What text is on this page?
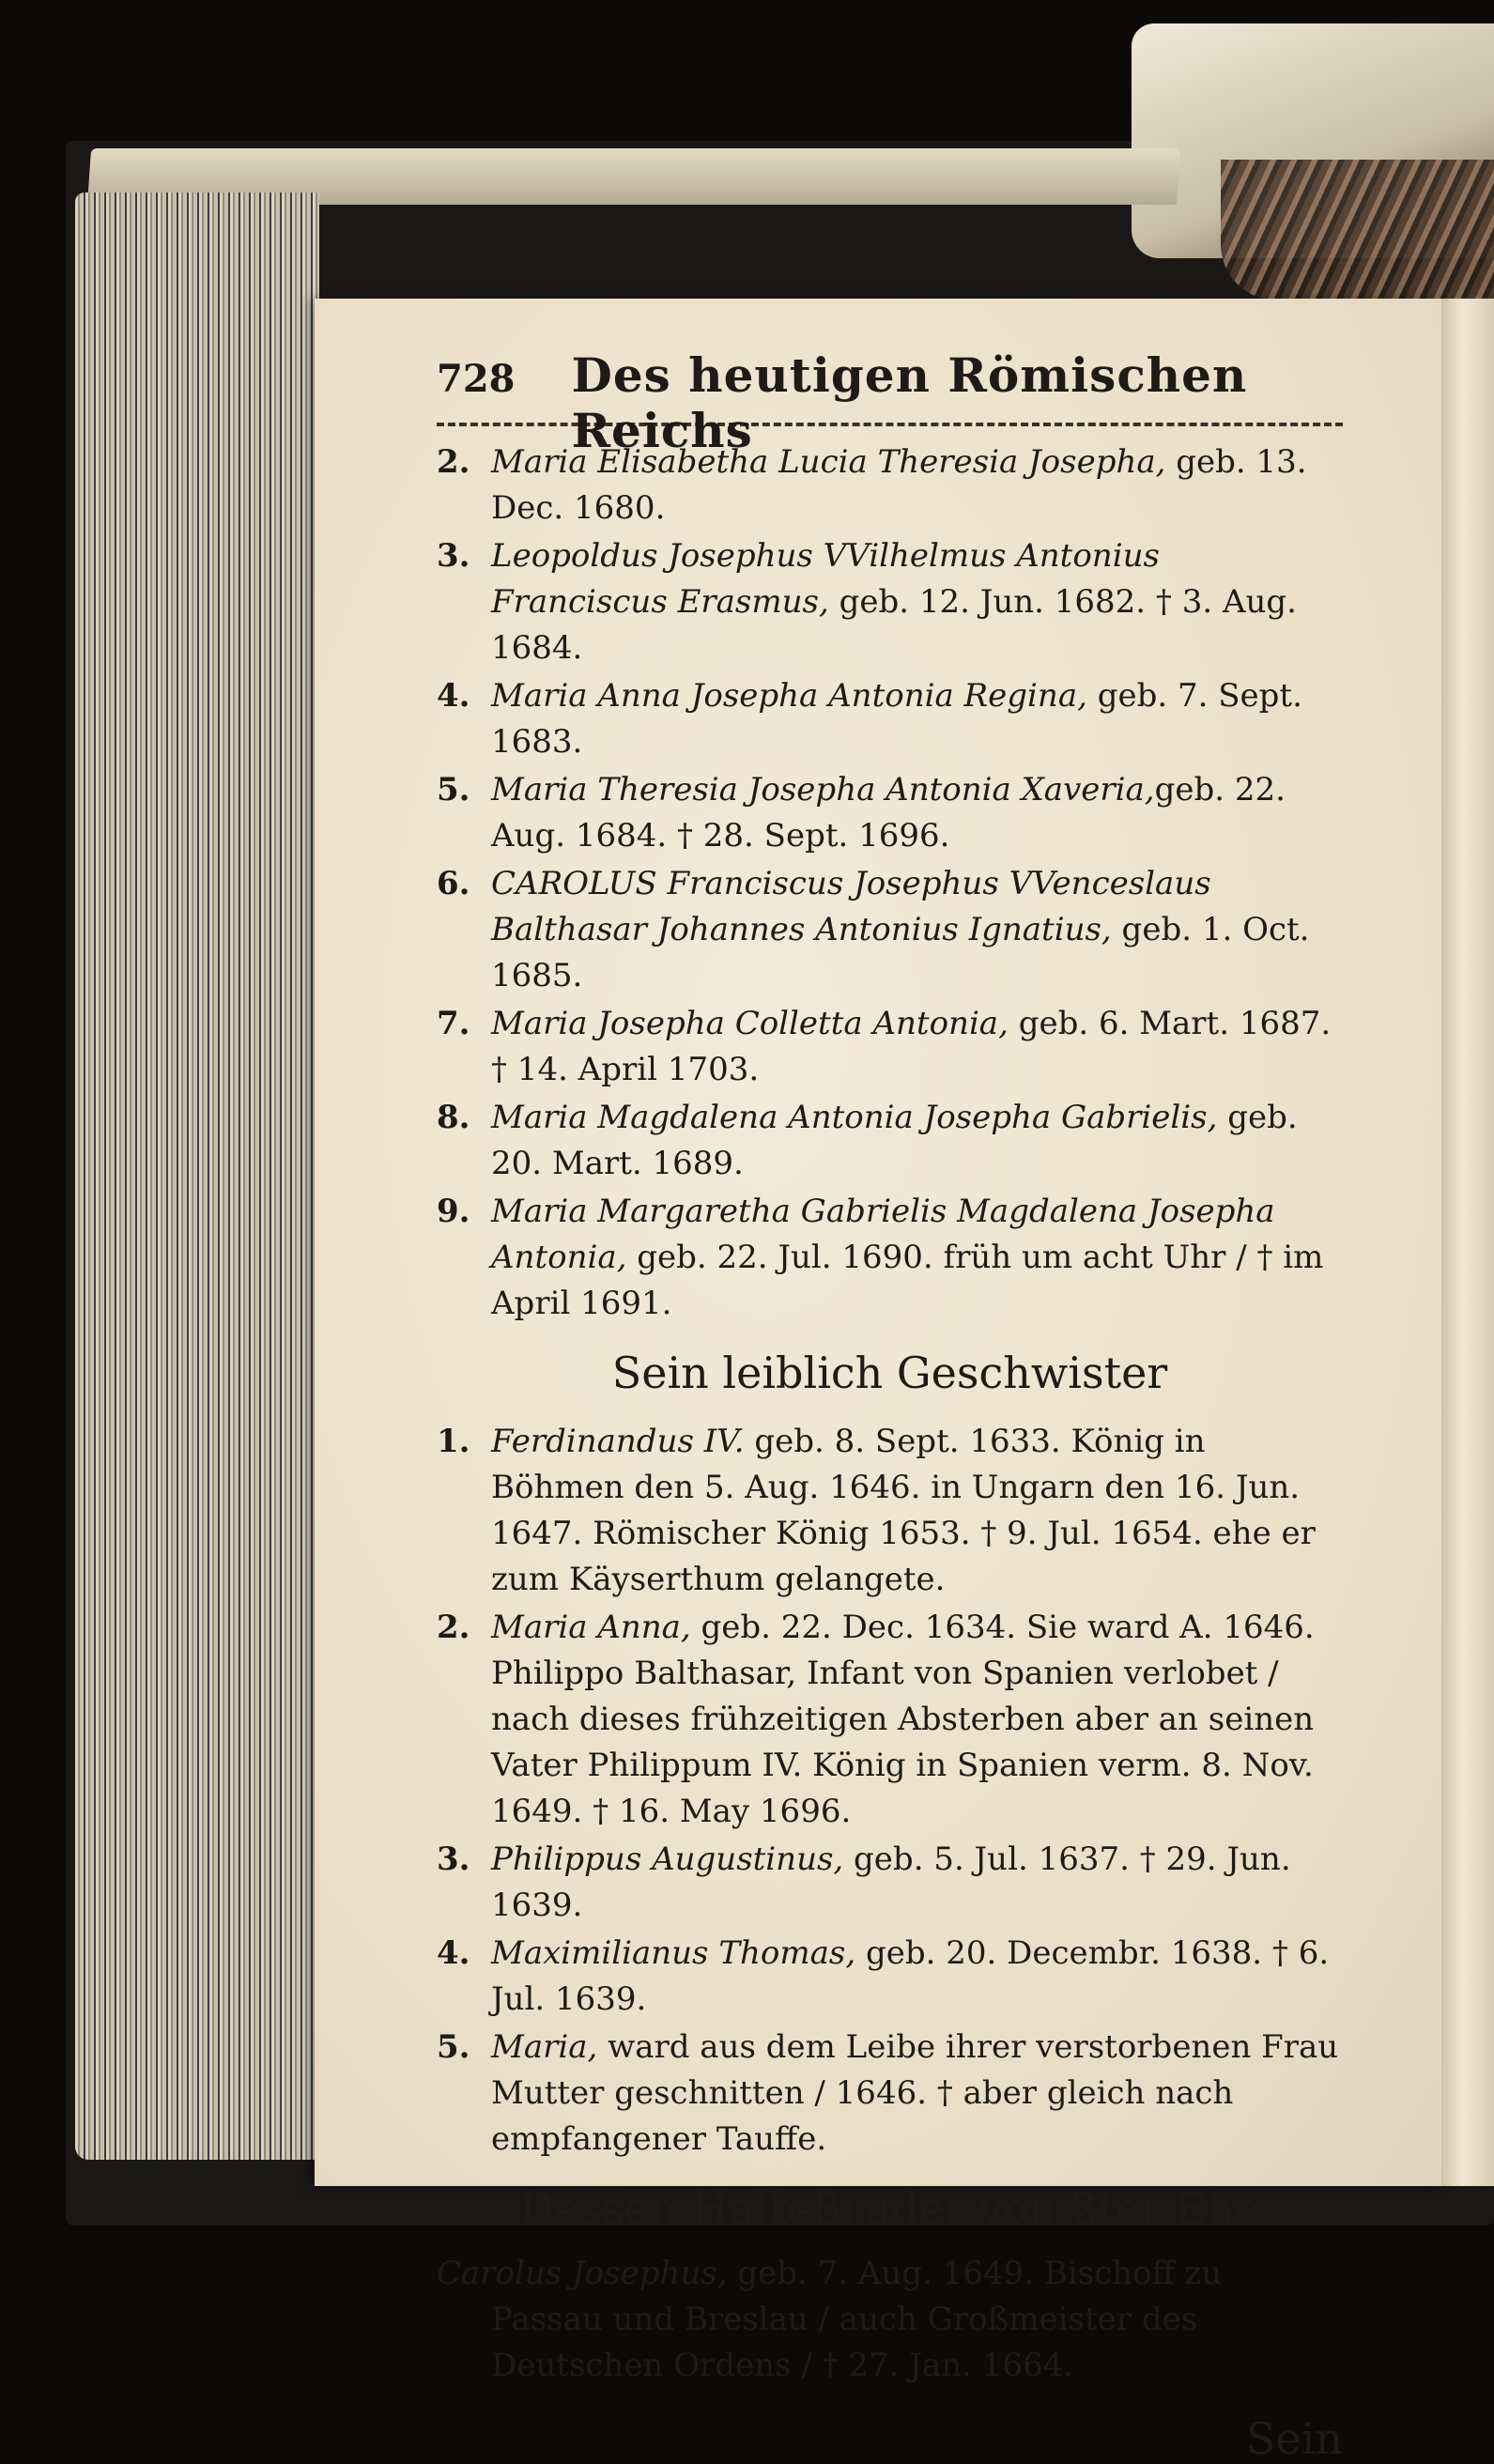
728 Des heutigen Römischen Reichs

2. Maria Elisabetha Lucia Theresia Josepha, geb. 13. Dec. 1680.

3. Leopoldus Josephus VVilhelmus Antonius Franciscus Erasmus, geb. 12. Jun. 1682. † 3. Aug. 1684.

4. Maria Anna Josepha Antonia Regina, geb. 7. Sept. 1683.

5. Maria Theresia Josepha Antonia Xaveria,geb. 22. Aug. 1684. † 28. Sept. 1696.

6. CAROLUS Franciscus Josephus VVenceslaus Balthasar Johannes Antonius Ignatius, geb. 1. Oct. 1685.

7. Maria Josepha Colletta Antonia, geb. 6. Mart. 1687. † 14. April 1703.

8. Maria Magdalena Antonia Josepha Gabrielis, geb. 20. Mart. 1689.

9. Maria Margaretha Gabrielis Magdalena Josepha Antonia, geb. 22. Jul. 1690. früh um acht Uhr / † im April 1691.

Sein leiblich Geschwister

1. Ferdinandus IV. geb. 8. Sept. 1633. König in Böhmen den 5. Aug. 1646. in Ungarn den 16. Jun. 1647. Römischer König 1653. † 9. Jul. 1654. ehe er zum Käyserthum gelangete.

2. Maria Anna, geb. 22. Dec. 1634. Sie ward A. 1646. Philippo Balthasar, Infant von Spanien verlobet / nach dieses frühzeitigen Absterben aber an seinen Vater Philippum IV. König in Spanien verm. 8. Nov. 1649. † 16. May 1696.

3. Philippus Augustinus, geb. 5. Jul. 1637. † 29. Jun. 1639.

4. Maximilianus Thomas, geb. 20. Decembr. 1638. † 6. Jul. 1639.

5. Maria, ward aus dem Leibe ihrer verstorbenen Frau Mutter geschnitten / 1646. † aber gleich nach empfangener Tauffe.

Dessen Halb-Bruder von 2ter Ehe

Carolus Josephus, geb. 7. Aug. 1649. Bischoff zu Passau und Breslau / auch Großmeister des Deutschen Ordens / † 27. Jan. 1664.

Sein
